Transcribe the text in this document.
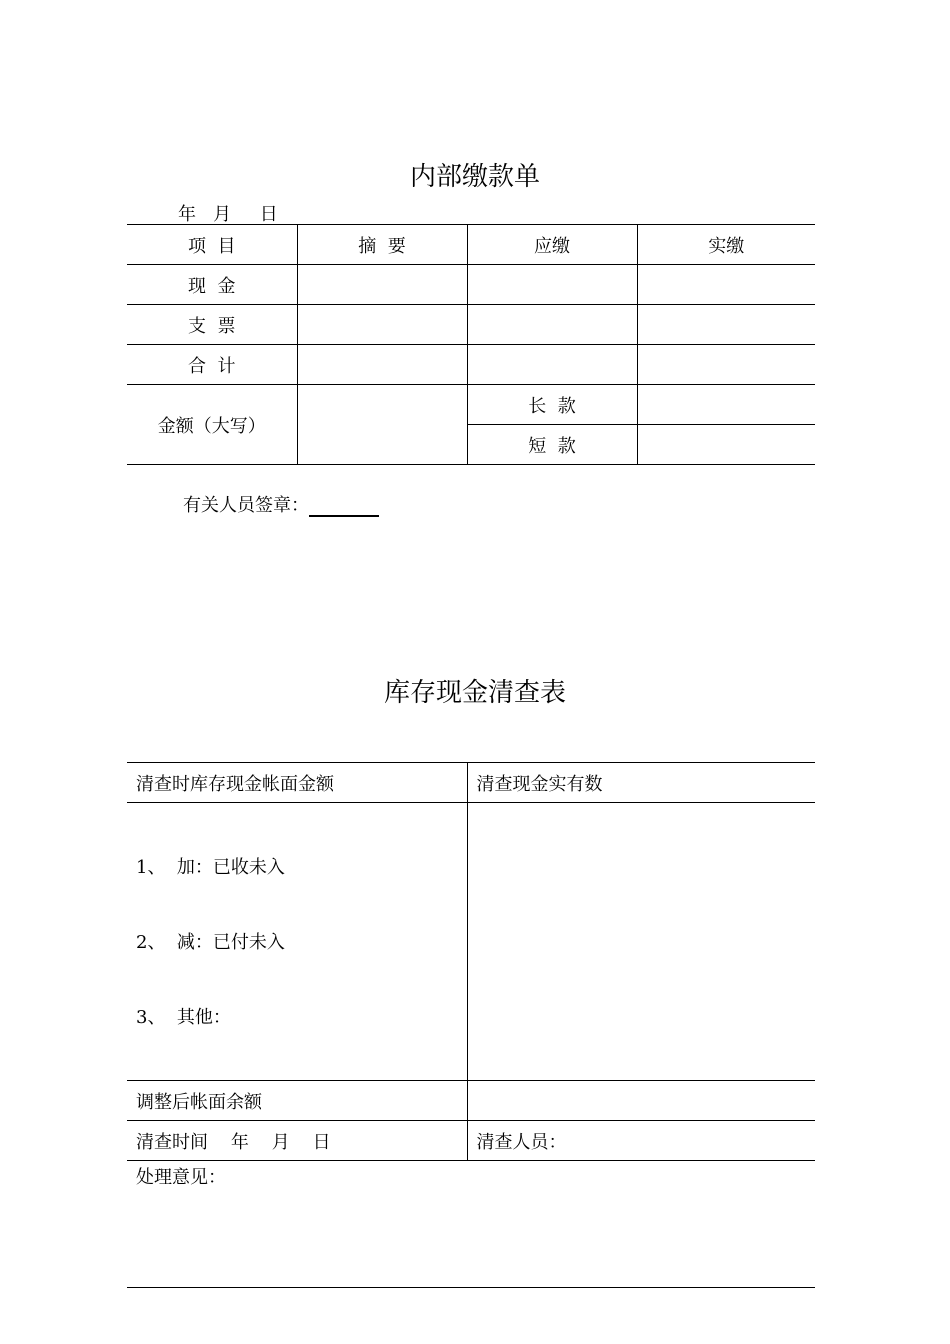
内部缴款单
年   月     日
项  目	摘  要	应缴	实缴
现  金			
支  票			
合  计			
金额（大写）		长  款	
		短  款	
有关人员签章：
库存现金清查表
清查时库存现金帐面金额	清查现金实有数

1、  加：已收未入

2、  减：已付未入

3、  其他：	

调整后帐面余额	
清查时间    年    月    日	清查人员：
处理意见：	
